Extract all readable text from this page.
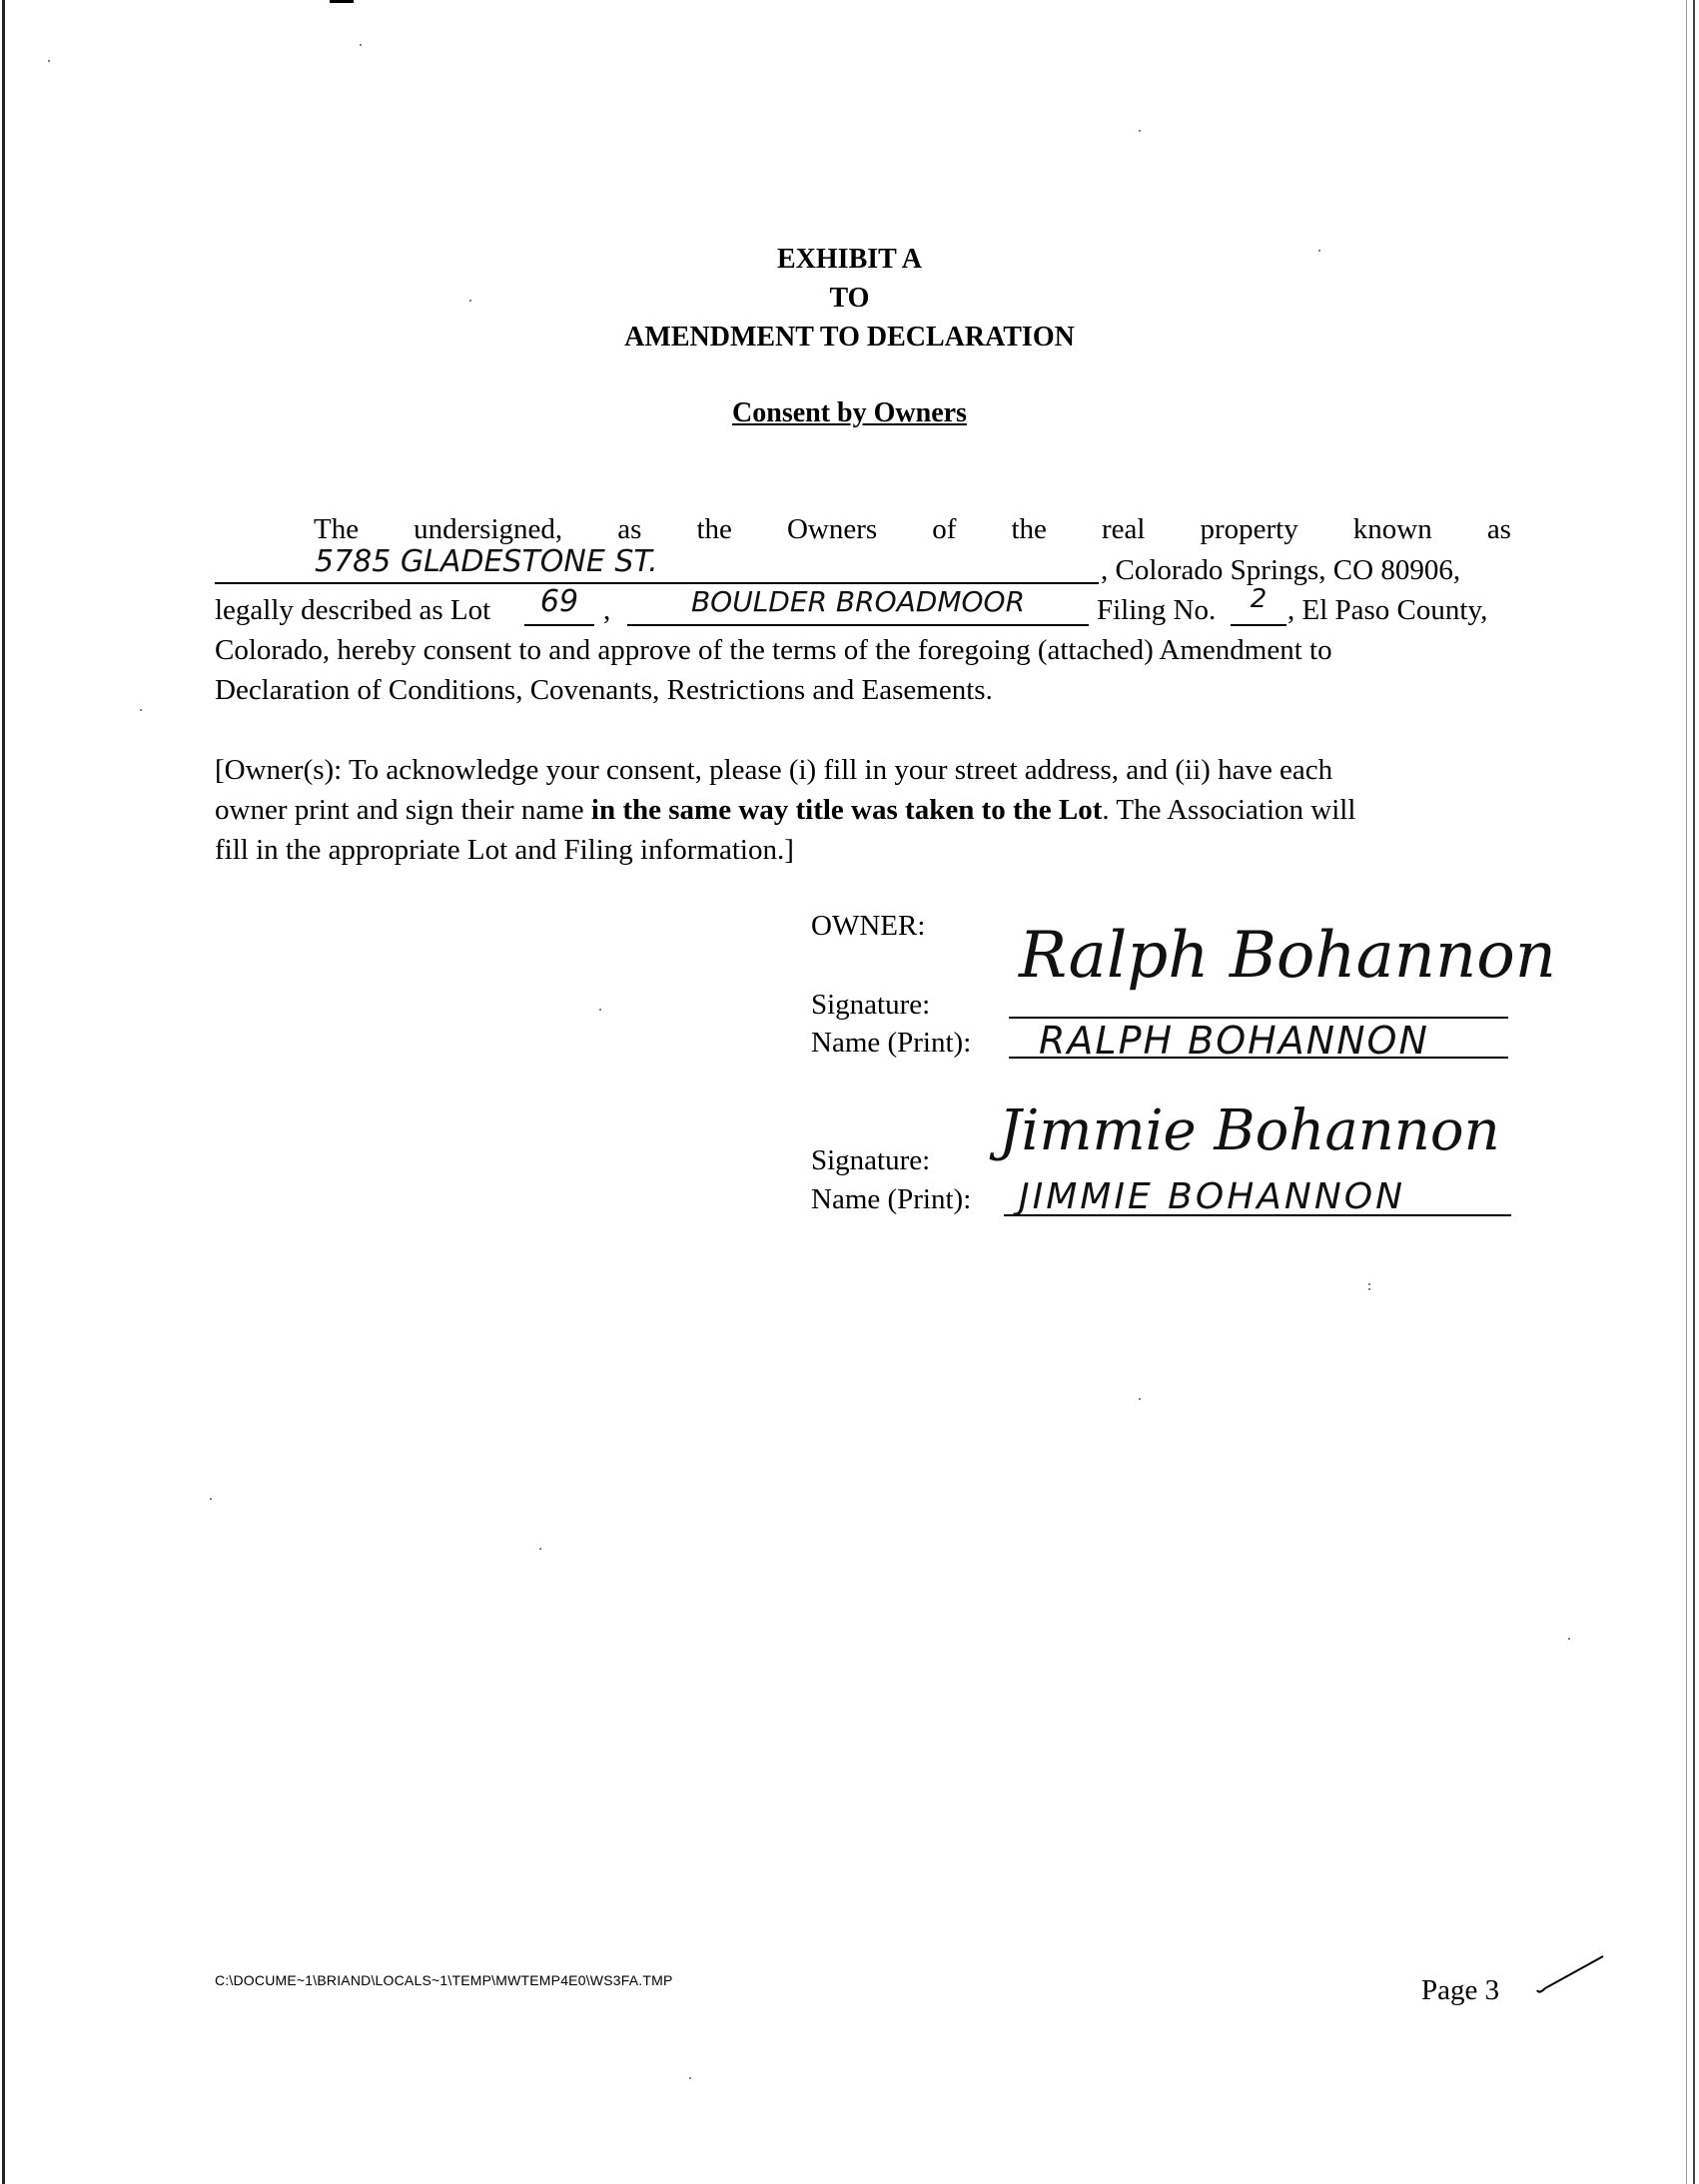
EXHIBIT A
TO
AMENDMENT TO DECLARATION
Consent by Owners
The undersigned, as the Owners of the real property known as
5785 GLADESTONE ST.	, Colorado Springs, CO 80906,
legally described as Lot	69 ,	BOULDER BROADMOOR	Filing No.	2 , El Paso County,
Colorado, hereby consent to and approve of the terms of the foregoing (attached) Amendment to
Declaration of Conditions, Covenants, Restrictions and Easements.
[Owner(s): To acknowledge your consent, please (i) fill in your street address, and (ii) have each
owner print and sign their name in the same way title was taken to the Lot. The Association will
fill in the appropriate Lot and Filing information.]
OWNER:
Signature:
Ralph Bohannon
Name (Print): RALPH BOHANNON
Signature: Jimmie Bohannon
Name (Print): JIMMIE BOHANNON
C:\DOCUME~1\BRIAND\LOCALS~1\TEMP\MWTEMP4E0\WS3FA.TMP	Page 3
